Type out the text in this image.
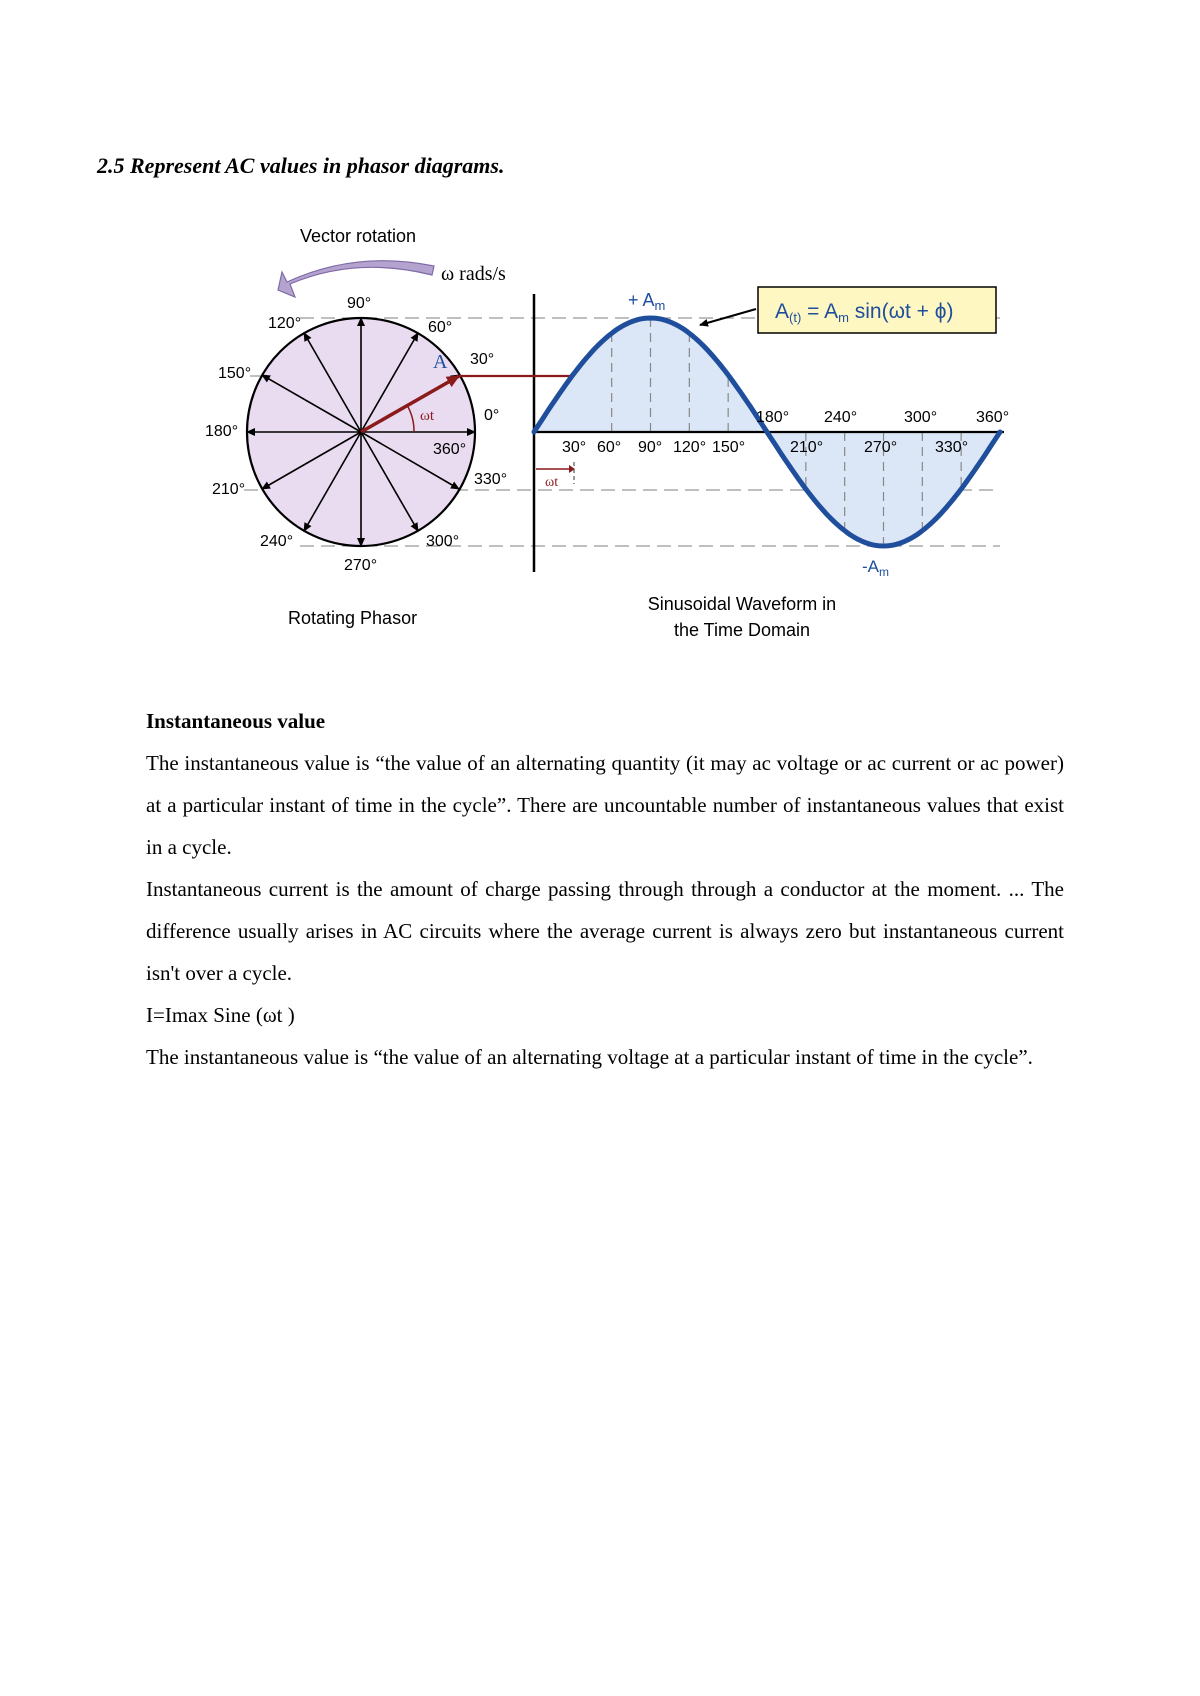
2.5 Represent AC values in phasor diagrams.
Vector rotation
ω rads/s
A
ωt
90°
120°	60°
150°
30°
0°
180°
360°
330°
210°
240°	300°
270°
ωt
30° 60° 90° 120° 150°
180° 240°	300° 360°
210°	270° 330°
+ $A_m$
$-A_m$
A(t) = Am sin(ωt + ϕ)
Rotating Phasor
Sinusoidal Waveform in
the Time Domain

Instantaneous value

The instantaneous value is “the value of an alternating quantity (it may ac voltage or ac current or ac power) at a particular instant of time in the cycle”. There are uncountable number of instantaneous values that exist in a cycle.

Instantaneous current is the amount of charge passing through through a conductor at the moment. ... The difference usually arises in AC circuits where the average current is always zero but instantaneous current isn't over a cycle.

I=Imax Sine (ωt )

The instantaneous value is “the value of an alternating voltage at a particular instant of time in the cycle”.
